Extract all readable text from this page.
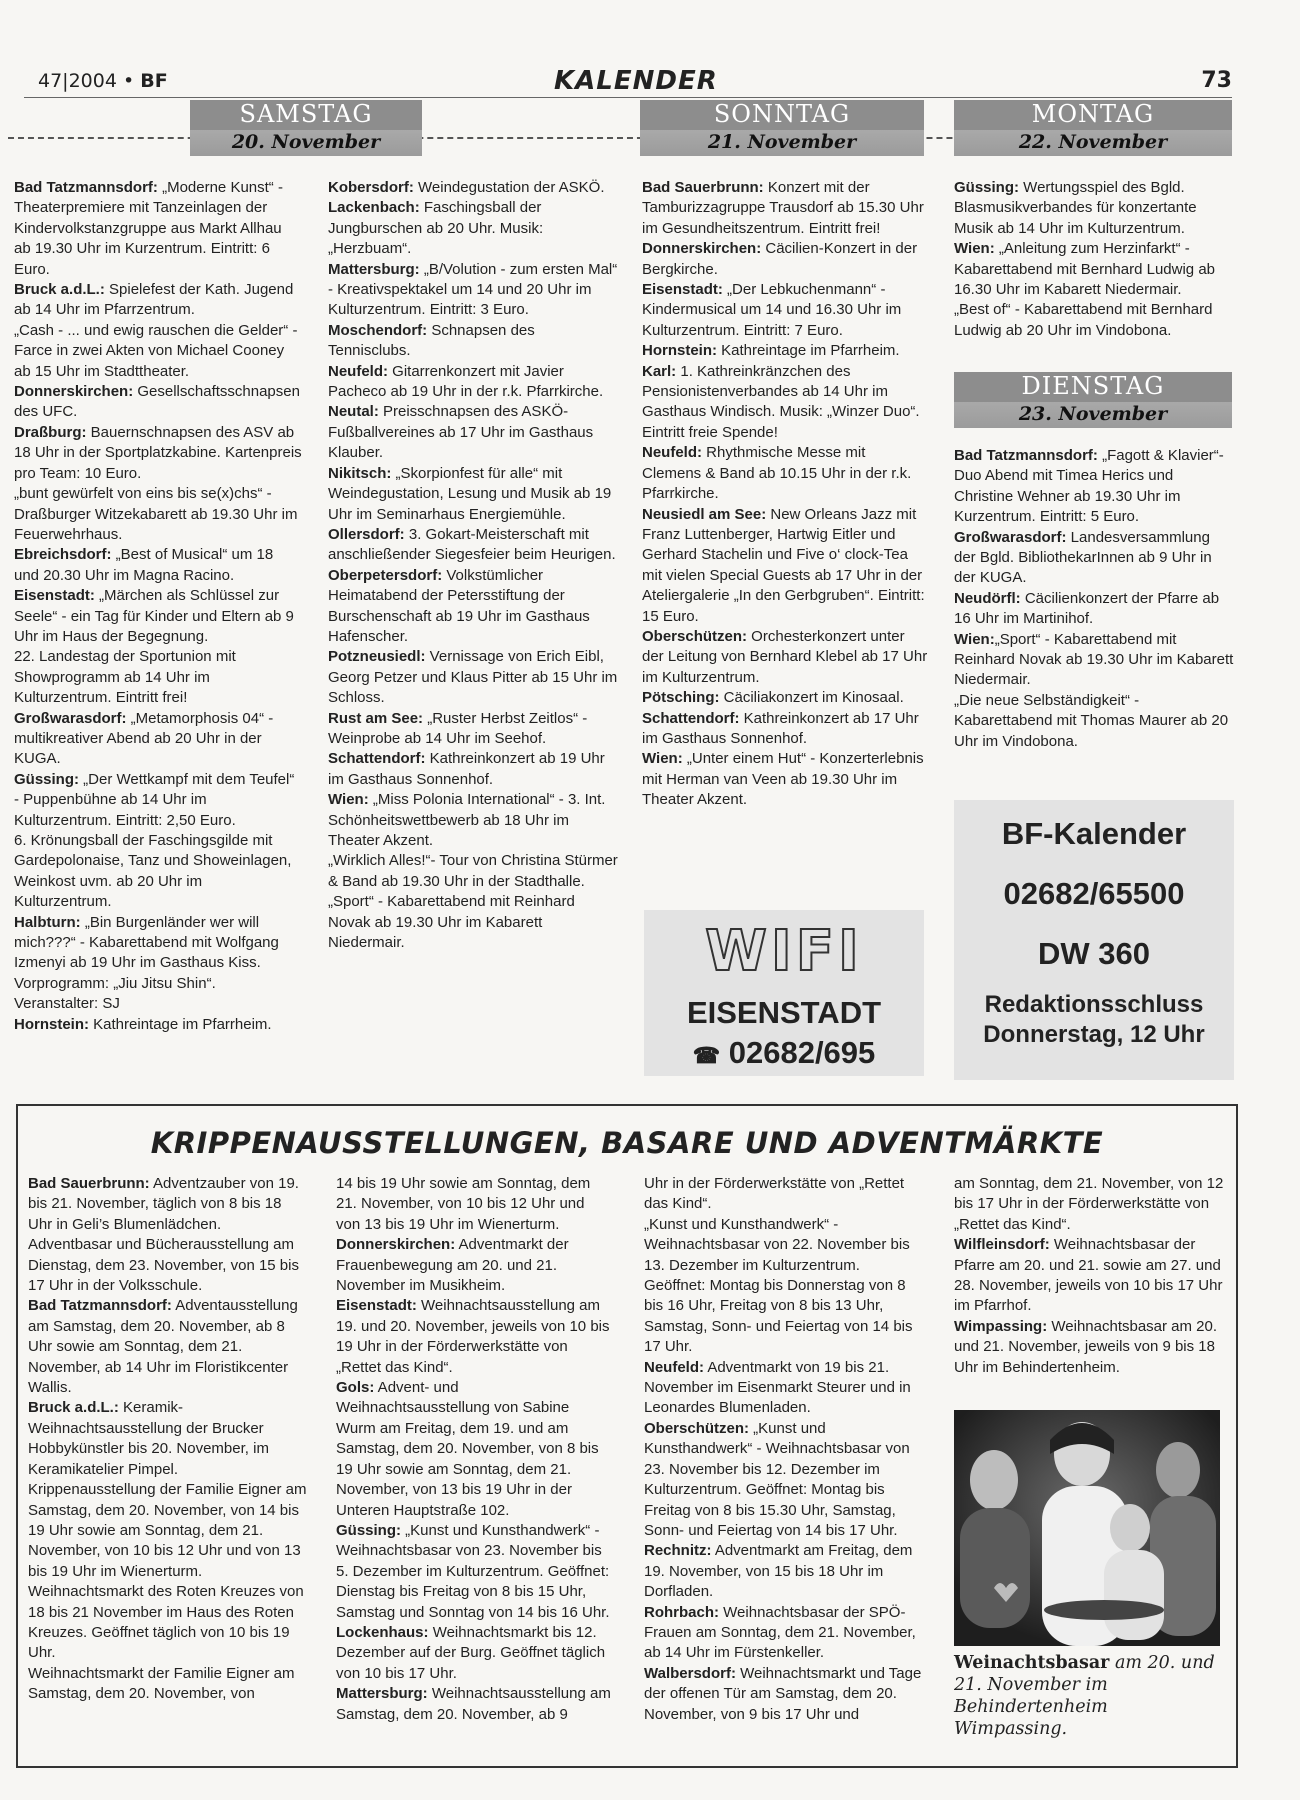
47|2004 • BF	KALENDER	73
SAMSTAG
20. November
SONNTAG
21. November
MONTAG
22. November

Bad Tatzmannsdorf: „Moderne Kunst“ - Theaterpremiere mit Tanzeinlagen der Kindervolkstanzgruppe aus Markt Allhau ab 19.30 Uhr im Kurzentrum. Eintritt: 6 Euro.

Bruck a.d.L.: Spielefest der Kath. Jugend ab 14 Uhr im Pfarrzentrum.

„Cash - ... und ewig rauschen die Gelder“ - Farce in zwei Akten von Michael Cooney ab 15 Uhr im Stadttheater.

Donnerskirchen: Gesellschaftsschnapsen des UFC.

Draßburg: Bauernschnapsen des ASV ab 18 Uhr in der Sportplatzkabine. Kartenpreis pro Team: 10 Euro.

„bunt gewürfelt von eins bis se(x)chs“ - Draßburger Witzekabarett ab 19.30 Uhr im Feuerwehrhaus.

Ebreichsdorf: „Best of Musical“ um 18 und 20.30 Uhr im Magna Racino.

Eisenstadt: „Märchen als Schlüssel zur Seele“ - ein Tag für Kinder und Eltern ab 9 Uhr im Haus der Begegnung.

22. Landestag der Sportunion mit Showprogramm ab 14 Uhr im Kulturzentrum. Eintritt frei!

Großwarasdorf: „Metamorphosis 04“ - multikreativer Abend ab 20 Uhr in der KUGA.

Güssing: „Der Wettkampf mit dem Teufel“ - Puppenbühne ab 14 Uhr im Kulturzentrum. Eintritt: 2,50 Euro.

6. Krönungsball der Faschingsgilde mit Gardepolonaise, Tanz und Showeinlagen, Weinkost uvm. ab 20 Uhr im Kulturzentrum.

Halbturn: „Bin Burgenländer wer will mich???“ - Kabarettabend mit Wolfgang Izmenyi ab 19 Uhr im Gasthaus Kiss. Vorprogramm: „Jiu Jitsu Shin“. Veranstalter: SJ

Hornstein: Kathreintage im Pfarrheim.

Kobersdorf: Weindegustation der ASKÖ.

Lackenbach: Faschingsball der Jungburschen ab 20 Uhr. Musik: „Herzbuam“.

Mattersburg: „B/Volution - zum ersten Mal“ - Kreativspektakel um 14 und 20 Uhr im Kulturzentrum. Eintritt: 3 Euro.

Moschendorf: Schnapsen des Tennisclubs.

Neufeld: Gitarrenkonzert mit Javier Pacheco ab 19 Uhr in der r.k. Pfarrkirche.

Neutal: Preisschnapsen des ASKÖ-Fußballvereines ab 17 Uhr im Gasthaus Klauber.

Nikitsch: „Skorpionfest für alle“ mit Weindegustation, Lesung und Musik ab 19 Uhr im Seminarhaus Energiemühle.

Ollersdorf: 3. Gokart-Meisterschaft mit anschließender Siegesfeier beim Heurigen.

Oberpetersdorf: Volkstümlicher Heimatabend der Petersstiftung der Burschenschaft ab 19 Uhr im Gasthaus Hafenscher.

Potzneusiedl: Vernissage von Erich Eibl, Georg Petzer und Klaus Pitter ab 15 Uhr im Schloss.

Rust am See: „Ruster Herbst Zeitlos“ - Weinprobe ab 14 Uhr im Seehof.

Schattendorf: Kathreinkonzert ab 19 Uhr im Gasthaus Sonnenhof.

Wien: „Miss Polonia International“ - 3. Int. Schönheitswettbewerb ab 18 Uhr im Theater Akzent.

„Wirklich Alles!“- Tour von Christina Stürmer & Band ab 19.30 Uhr in der Stadthalle.

„Sport“ - Kabarettabend mit Reinhard Novak ab 19.30 Uhr im Kabarett Niedermair.

Bad Sauerbrunn: Konzert mit der Tamburizzagruppe Trausdorf ab 15.30 Uhr im Gesundheitszentrum. Eintritt frei!

Donnerskirchen: Cäcilien-Konzert in der Bergkirche.

Eisenstadt: „Der Lebkuchenmann“ - Kindermusical um 14 und 16.30 Uhr im Kulturzentrum. Eintritt: 7 Euro.

Hornstein: Kathreintage im Pfarrheim.

Karl: 1. Kathreinkränzchen des Pensionistenverbandes ab 14 Uhr im Gasthaus Windisch. Musik: „Winzer Duo“. Eintritt freie Spende!

Neufeld: Rhythmische Messe mit Clemens & Band ab 10.15 Uhr in der r.k. Pfarrkirche.

Neusiedl am See: New Orleans Jazz mit Franz Luttenberger, Hartwig Eitler und Gerhard Stachelin und Five o‘ clock-Tea mit vielen Special Guests ab 17 Uhr in der Ateliergalerie „In den Gerbgruben“. Eintritt: 15 Euro.

Oberschützen: Orchesterkonzert unter der Leitung von Bernhard Klebel ab 17 Uhr im Kulturzentrum.

Pötsching: Cäciliakonzert im Kinosaal.

Schattendorf: Kathreinkonzert ab 17 Uhr im Gasthaus Sonnenhof.

Wien: „Unter einem Hut“ - Konzerterlebnis mit Herman van Veen ab 19.30 Uhr im Theater Akzent.

Güssing: Wertungsspiel des Bgld. Blasmusikverbandes für konzertante Musik ab 14 Uhr im Kulturzentrum.

Wien: „Anleitung zum Herzinfarkt“ - Kabarettabend mit Bernhard Ludwig ab 16.30 Uhr im Kabarett Niedermair.

„Best of“ - Kabarettabend mit Bernhard Ludwig ab 20 Uhr im Vindobona.

DIENSTAG
23. November

Bad Tatzmannsdorf: „Fagott & Klavier“- Duo Abend mit Timea Herics und Christine Wehner ab 19.30 Uhr im Kurzentrum. Eintritt: 5 Euro.

Großwarasdorf: Landesversammlung der Bgld. BibliothekarInnen ab 9 Uhr in der KUGA.

Neudörfl: Cäcilienkonzert der Pfarre ab 16 Uhr im Martinihof.

Wien:„Sport“ - Kabarettabend mit Reinhard Novak ab 19.30 Uhr im Kabarett Niedermair.

„Die neue Selbständigkeit“ - Kabarettabend mit Thomas Maurer ab 20 Uhr im Vindobona.

WIFI
EISENSTADT
☎ 02682/695
BF-Kalender
02682/65500
DW 360
Redaktionsschluss
Donnerstag, 12 Uhr
KRIPPENAUSSTELLUNGEN, BASARE UND ADVENTMÄRKTE

Bad Sauerbrunn: Adventzauber von 19. bis 21. November, täglich von 8 bis 18 Uhr in Geli’s Blumenlädchen.

Adventbasar und Bücherausstellung am Dienstag, dem 23. November, von 15 bis 17 Uhr in der Volksschule.

Bad Tatzmannsdorf: Adventausstellung am Samstag, dem 20. November, ab 8 Uhr sowie am Sonntag, dem 21. November, ab 14 Uhr im Floristikcenter Wallis.

Bruck a.d.L.: Keramik-Weihnachtsausstellung der Brucker Hobbykünstler bis 20. November, im Keramikatelier Pimpel.

Krippenausstellung der Familie Eigner am Samstag, dem 20. November, von 14 bis 19 Uhr sowie am Sonntag, dem 21. November, von 10 bis 12 Uhr und von 13 bis 19 Uhr im Wienerturm.

Weihnachtsmarkt des Roten Kreuzes von 18 bis 21 November im Haus des Roten Kreuzes. Geöffnet täglich von 10 bis 19 Uhr.

Weihnachtsmarkt der Familie Eigner am Samstag, dem 20. November, von

14 bis 19 Uhr sowie am Sonntag, dem 21. November, von 10 bis 12 Uhr und von 13 bis 19 Uhr im Wienerturm.

Donnerskirchen: Adventmarkt der Frauenbewegung am 20. und 21. November im Musikheim.

Eisenstadt: Weihnachtsausstellung am 19. und 20. November, jeweils von 10 bis 19 Uhr in der Förderwerkstätte von „Rettet das Kind“.

Gols: Advent- und Weihnachtsausstellung von Sabine Wurm am Freitag, dem 19. und am Samstag, dem 20. November, von 8 bis 19 Uhr sowie am Sonntag, dem 21. November, von 13 bis 19 Uhr in der Unteren Hauptstraße 102.

Güssing: „Kunst und Kunsthandwerk“ - Weihnachtsbasar von 23. November bis 5. Dezember im Kulturzentrum. Geöffnet: Dienstag bis Freitag von 8 bis 15 Uhr, Samstag und Sonntag von 14 bis 16 Uhr.

Lockenhaus: Weihnachtsmarkt bis 12. Dezember auf der Burg. Geöffnet täglich von 10 bis 17 Uhr.

Mattersburg: Weihnachtsausstellung am Samstag, dem 20. November, ab 9

Uhr in der Förderwerkstätte von „Rettet das Kind“.

„Kunst und Kunsthandwerk“ - Weihnachtsbasar von 22. November bis 13. Dezember im Kulturzentrum. Geöffnet: Montag bis Donnerstag von 8 bis 16 Uhr, Freitag von 8 bis 13 Uhr, Samstag, Sonn- und Feiertag von 14 bis 17 Uhr.

Neufeld: Adventmarkt von 19 bis 21. November im Eisenmarkt Steurer und in Leonardes Blumenladen.

Oberschützen: „Kunst und Kunsthandwerk“ - Weihnachtsbasar von 23. November bis 12. Dezember im Kulturzentrum. Geöffnet: Montag bis Freitag von 8 bis 15.30 Uhr, Samstag, Sonn- und Feiertag von 14 bis 17 Uhr.

Rechnitz: Adventmarkt am Freitag, dem 19. November, von 15 bis 18 Uhr im Dorfladen.

Rohrbach: Weihnachtsbasar der SPÖ-Frauen am Sonntag, dem 21. November, ab 14 Uhr im Fürstenkeller.

Walbersdorf: Weihnachtsmarkt und Tage der offenen Tür am Samstag, dem 20. November, von 9 bis 17 Uhr und

am Sonntag, dem 21. November, von 12 bis 17 Uhr in der Förderwerkstätte von „Rettet das Kind“.

Wilfleinsdorf: Weihnachtsbasar der Pfarre am 20. und 21. sowie am 27. und 28. November, jeweils von 10 bis 17 Uhr im Pfarrhof.

Wimpassing: Weihnachtsbasar am 20. und 21. November, jeweils von 9 bis 18 Uhr im Behindertenheim.

Weinachtsbasar am 20. und 21. November im Behindertenheim Wimpassing.
